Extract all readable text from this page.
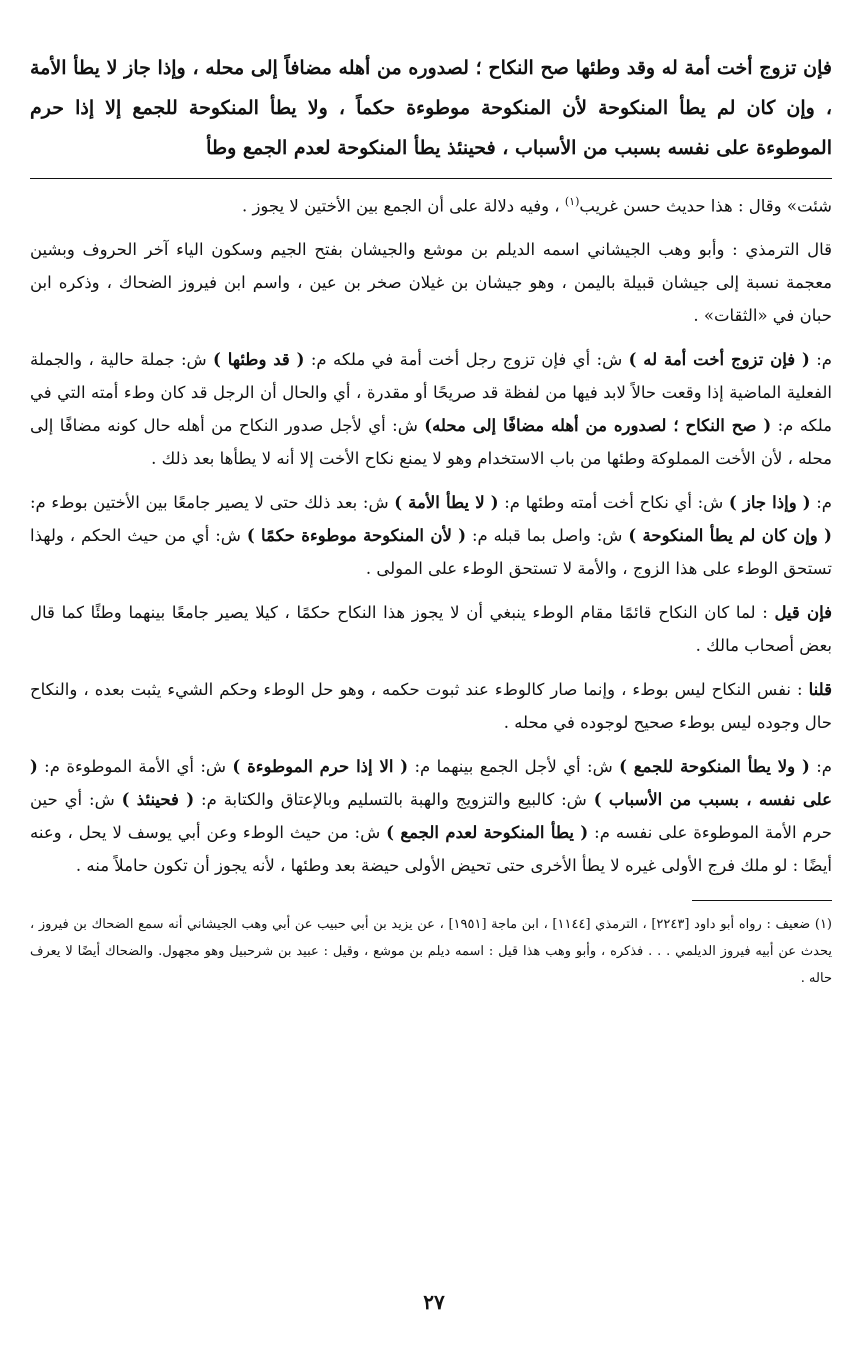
فإن تزوج أخت أمة له وقد وطئها صح النكاح ؛ لصدوره من أهله مضافاً إلى محله ، وإذا جاز لا يطأ الأمة ، وإن كان لم يطأ المنكوحة لأن المنكوحة موطوءة حكماً ، ولا يطأ المنكوحة للجمع إلا إذا حرم الموطوءة على نفسه بسبب من الأسباب ، فحينئذ يطأ المنكوحة لعدم الجمع وطأ

شئت» وقال : هذا حديث حسن غريب$^{(١)}$ ، وفيه دلالة على أن الجمع بين الأختين لا يجوز .

قال الترمذي : وأبو وهب الجيشاني اسمه الديلم بن موشع والجيشان بفتح الجيم وسكون الياء آخر الحروف وبشين معجمة نسبة إلى جيشان قبيلة باليمن ، وهو جيشان بن غيلان صخر بن عين ، واسم ابن فيروز الضحاك ، وذكره ابن حبان في «الثقات» .

م: ( فإن تزوج أخت أمة له ) ش: أي فإن تزوج رجل أخت أمة في ملكه م: ( قد وطئها ) ش: جملة حالية ، والجملة الفعلية الماضية إذا وقعت حالاً لابد فيها من لفظة قد صريحًا أو مقدرة ، أي والحال أن الرجل قد كان وطء أمته التي في ملكه م: ( صح النكاح ؛ لصدوره من أهله مضافًا إلى محله) ش: أي لأجل صدور النكاح من أهله حال كونه مضافًا إلى محله ، لأن الأخت المملوكة وطئها من باب الاستخدام وهو لا يمنع نكاح الأخت إلا أنه لا يطأها بعد ذلك .

م: ( وإذا جاز ) ش: أي نكاح أخت أمته وطئها م: ( لا يطأ الأمة ) ش: بعد ذلك حتى لا يصير جامعًا بين الأختين بوطء م: ( وإن كان لم يطأ المنكوحة ) ش: واصل بما قبله م: ( لأن المنكوحة موطوءة حكمًا ) ش: أي من حيث الحكم ، ولهذا تستحق الوطء على هذا الزوج ، والأمة لا تستحق الوطء على المولى .

فإن قيل : لما كان النكاح قائمًا مقام الوطء ينبغي أن لا يجوز هذا النكاح حكمًا ، كيلا يصير جامعًا بينهما وطئًا كما قال بعض أصحاب مالك .

قلنا : نفس النكاح ليس بوطء ، وإنما صار كالوطء عند ثبوت حكمه ، وهو حل الوطء وحكم الشيء يثبت بعده ، والنكاح حال وجوده ليس بوطء صحيح لوجوده في محله .

م: ( ولا يطأ المنكوحة للجمع ) ش: أي لأجل الجمع بينهما م: ( الا إذا حرم الموطوءة ) ش: أي الأمة الموطوءة م: ( على نفسه ، بسبب من الأسباب ) ش: كالبيع والتزويج والهبة بالتسليم وبالإعتاق والكتابة م: ( فحينئذ ) ش: أي حين حرم الأمة الموطوءة على نفسه م: ( يطأ المنكوحة لعدم الجمع ) ش: من حيث الوطء وعن أبي يوسف لا يحل ، وعنه أيضًا : لو ملك فرج الأولى غيره لا يطأ الأخرى حتى تحيض الأولى حيضة بعد وطئها ، لأنه يجوز أن تكون حاملاً منه .

(١) ضعيف : رواه أبو داود [٢٢٤٣] ، الترمذي [١١٤٤] ، ابن ماجة [١٩٥١] ، عن يزيد بن أبي حبيب عن أبي وهب الجيشاني أنه سمع الضحاك بن فيروز ، يحدث عن أبيه فيروز الديلمي . . . فذكره ، وأبو وهب هذا قيل : اسمه ديلم بن موشع ، وقيل : عبيد بن شرحبيل وهو مجهول. والضحاك أيضًا لا يعرف حاله .

٢٧
